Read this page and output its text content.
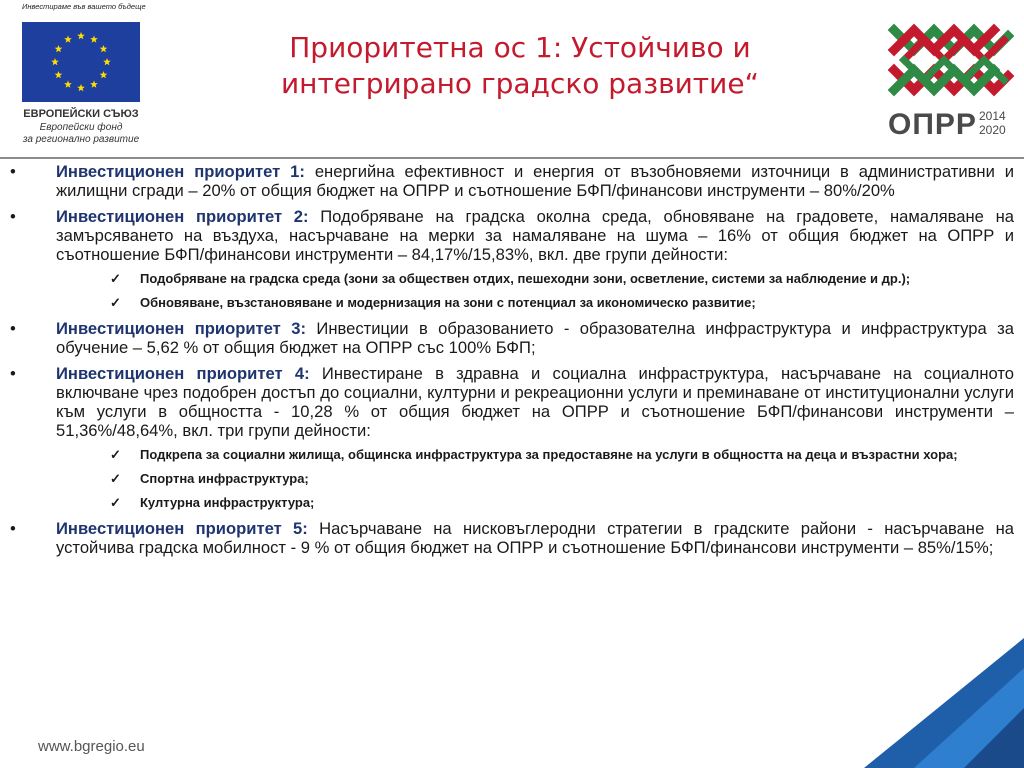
Инвестираме във вашето бъдеще
ЕВРОПЕЙСКИ СЪЮЗ
Европейски фонд
за регионално развитие
Приоритетна ос 1: Устойчиво и
интегрирано градско развитие“
ОПРР 2014
2020
•	Инвестиционен приоритет 1: енергийна ефективност и енергия от възобновяеми източници в административни и жилищни сгради – 20% от общия бюджет на ОПРР и съотношение БФП/финансови инструменти – 80%/20%
•	Инвестиционен приоритет 2: Подобряване на градска околна среда, обновяване на градовете, намаляване на замърсяването на въздуха, насърчаване на мерки за намаляване на шума – 16% от общия бюджет на ОПРР и съотношение БФП/финансови инструменти – 84,17%/15,83%, вкл. две групи дейности:
✓ Подобряване на градска среда (зони за обществен отдих, пешеходни зони, осветление, системи за наблюдение и др.);
✓ Обновяване, възстановяване и модернизация на зони с потенциал за икономическо развитие;
•	Инвестиционен приоритет 3: Инвестиции в образованието - образователна инфраструктура и инфраструктура за обучение – 5,62 % от общия бюджет на ОПРР със 100% БФП;
•	Инвестиционен приоритет 4: Инвестиране в здравна и социална инфраструктура, насърчаване на социалното включване чрез подобрен достъп до социални, културни и рекреационни услуги и преминаване от институционални услуги към услуги в общността - 10,28 % от общия бюджет на ОПРР и съотношение БФП/финансови инструменти – 51,36%/48,64%, вкл. три групи дейности:
✓ Подкрепа за социални жилища, общинска инфраструктура за предоставяне на услуги в общността на деца и възрастни хора;
✓ Спортна инфраструктура;
✓ Културна инфраструктура;
•	Инвестиционен приоритет 5: Насърчаване на нисковъглеродни стратегии в градските райони - насърчаване на устойчива градска мобилност - 9 % от общия бюджет на ОПРР и съотношение БФП/финансови инструменти – 85%/15%;
www.bgregio.eu
